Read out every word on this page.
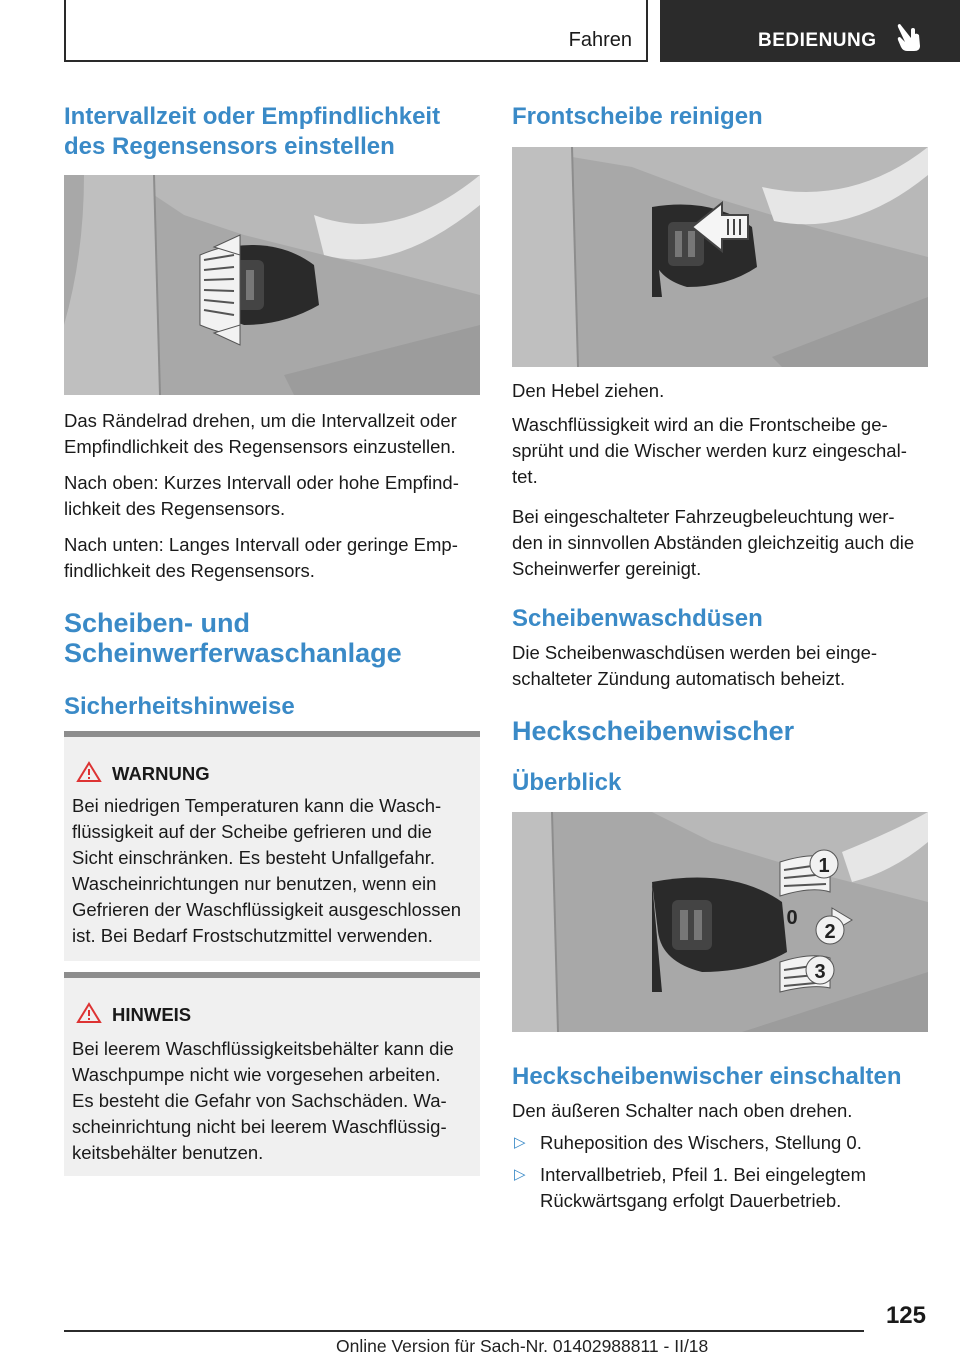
Fahren	BEDIENUNG
Intervallzeit oder Empfindlichkeit
des Regensensors einstellen

Das Rändelrad drehen, um die Intervallzeit oder
Empfindlichkeit des Regensensors einzustellen.

Nach oben: Kurzes Intervall oder hohe Empfind‐
lichkeit des Regensensors.

Nach unten: Langes Intervall oder geringe Emp‐
findlichkeit des Regensensors.

Scheiben- und
Scheinwerferwaschanlage
Sicherheitshinweise
WARNUNG

Bei niedrigen Temperaturen kann die Wasch‐
flüssigkeit auf der Scheibe gefrieren und die
Sicht einschränken. Es besteht Unfallgefahr.
Wascheinrichtungen nur benutzen, wenn ein
Gefrieren der Waschflüssigkeit ausgeschlossen
ist. Bei Bedarf Frostschutzmittel verwenden.

HINWEIS

Bei leerem Waschflüssigkeitsbehälter kann die
Waschpumpe nicht wie vorgesehen arbeiten.
Es besteht die Gefahr von Sachschäden. Wa‐
scheinrichtung nicht bei leerem Waschflüssig‐
keitsbehälter benutzen.

Frontscheibe reinigen

Den Hebel ziehen.

Waschflüssigkeit wird an die Frontscheibe ge‐
sprüht und die Wischer werden kurz eingeschal‐
tet.

Bei eingeschalteter Fahrzeugbeleuchtung wer‐
den in sinnvollen Abständen gleichzeitig auch die
Scheinwerfer gereinigt.

Scheibenwaschdüsen

Die Scheibenwaschdüsen werden bei einge‐
schalteter Zündung automatisch beheizt.

Heckscheibenwischer
Überblick
1
0
2
3
Heckscheibenwischer einschalten

Den äußeren Schalter nach oben drehen.

▷ Ruheposition des Wischers, Stellung 0.

▷ Intervallbetrieb, Pfeil 1. Bei eingelegtem
Rückwärtsgang erfolgt Dauerbetrieb.

125
Online Version für Sach-Nr. 01402988811 - II/18
